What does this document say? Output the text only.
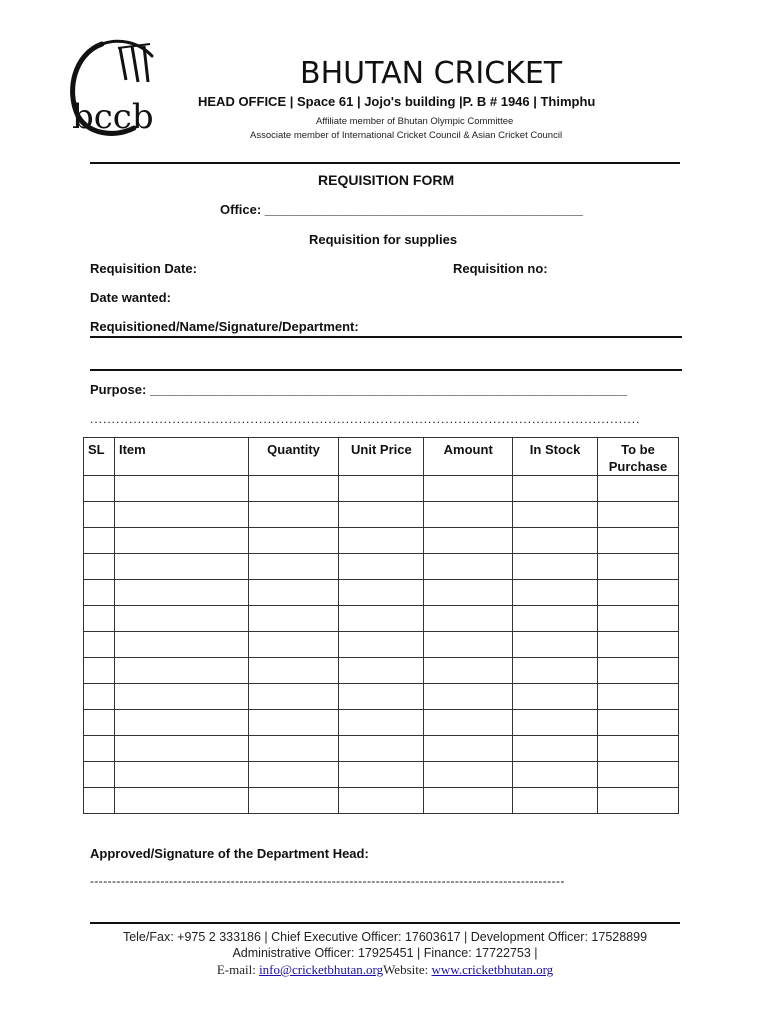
bccb
BHUTAN CRICKET
HEAD OFFICE | Space 61 | Jojo's building |P. B # 1946 | Thimphu
Affiliate member of Bhutan Olympic Committee
Associate member of International Cricket Council & Asian Cricket Council
REQUISITION FORM
Office: ____________________________________________
Requisition for supplies
Requisition Date:	Requisition no:
Date wanted:
Requisitioned/Name/Signature/Department:
Purpose: __________________________________________________________________
...............................................................................................................................
SL	Item	Quantity	Unit Price	Amount	In Stock	To be
Purchase

Approved/Signature of the Department Head:
------------------------------------------------------------------------------------------------------------
Tele/Fax: +975 2 333186 | Chief Executive Officer: 17603617 | Development Officer: 17528899
Administrative Officer: 17925451 | Finance: 17722753 |
E-mail: info@cricketbhutan.orgWebsite: www.cricketbhutan.org
